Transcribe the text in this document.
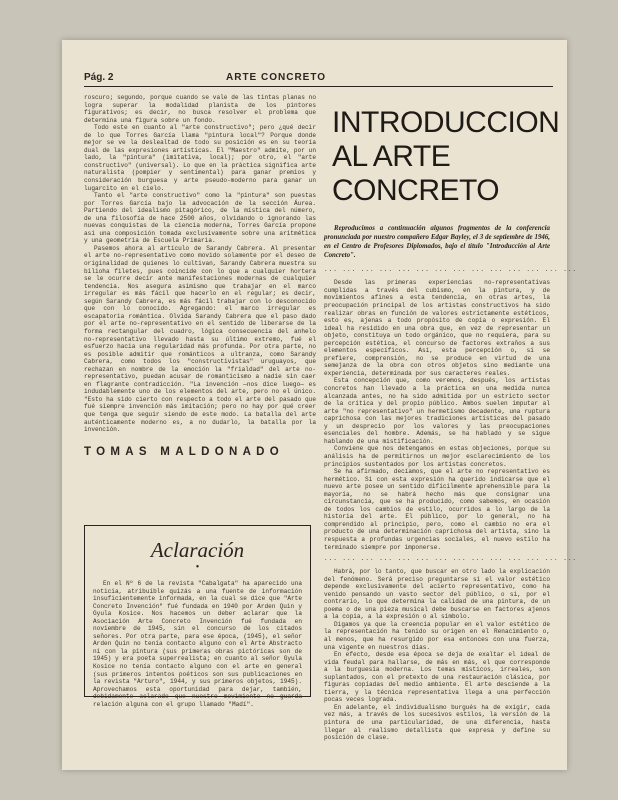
Pág. 2	ARTE CONCRETO

roscuro; segundo, porque cuando se vale de las tintas planas no logra superar la modalidad planista de los pintores figurativos; es decir, no busca resolver el problema que determina una figura sobre un fondo.

Todo este en cuanto al "arte constructivo"; pero ¿qué decir de lo que Torres García llama "pintura local"? Porque donde mejor se ve la deslealtad de todo su posición es en su teoría dual de las expresiones artísticas. El "Maestro" admite, por un lado, la "pintura" (imitativa, local); por otro, el "arte constructivo" (universal). Lo que en la práctica significa arte naturalista (pompier y sentimental) para ganar premios y consideración burguesa y arte pseudo-moderno para ganar un lugarcito en el cielo.

Tanto el "arte constructivo" como la "pintura" son puestas por Torres García bajo la advocación de la sección Áurea. Partiendo del idealismo pitagórico, de la mística del número, de una filosofía de hace 2500 años, olvidando o ignorando las nuevas conquistas de la ciencia moderna, Torres García propone así una composición tomada exclusivamente sobre una aritmética y una geometría de Escuela Primaria.

Pasemos ahora al artículo de Sarandy Cabrera. Al presentar el arte no-representativo como movido solamente por el deseo de originalidad de quienes lo cultivan, Sarandy Cabrera muestra su bilioha filetes, pues coincide con lo que a cualquier hortera se le ocurre decir ante manifestaciones modernas de cualquier tendencia. Nos asegura asimismo que trabajar en el marco irregular es más fácil que hacerlo en el regular; es decir, según Sarandy Cabrera, es más fácil trabajar con lo desconocido que con lo conocido. Agregando: el marco irregular es escapatoria romántica. Olvida Sarandy Cabrera que el paso dado por el arte no-representativo en el sentido de liberarse de la forma rectangular del cuadro, lógica consecuencia del anhelo no-representativo llevado hasta su último extremo, fué el esfuerzo hacia una regularidad más profunda. Por otra parte, no es posible admitir que románticos a ultranza, como Sarandy Cabrera, como todos los "constructivistas" uruguayos, que rechazan en nombre de la emoción la "frialdad" del arte no-representativo, puedan acusar de romanticismo a nadie sin caer en flagrante contradicción. "La invención —nos dice luego— es indudablemente uno de los elementos del arte, pero no el único. "Esto ha sido cierto con respecto a todo el arte del pasado que fué siempre invención más imitación; pero no hay por qué creer que tenga que seguir siendo de este modo. La batalla del arte auténticamente moderno es, a no dudarlo, la batalla por la invención.

TOMAS MALDONADO
Aclaración
•

En el Nº 6 de la revista "Cabalgata" ha aparecido una noticia, atribuible quizás a una fuente de información insuficientemente informada, en la cual se dice que "Arte Concreto Invención" fué fundada en 1940 por Arden Quin y Gyula Kosice. Nos hacemos un deber aclarar que la Asociación Arte Concreto Invención fué fundada en noviembre de 1945, sin el concurso de los citados señores. Por otra parte, para ese época, (1945), el señor Arden Quin no tenía contacto alguno con el Arte Abstracto ni con la pintura (sus primeras obras pictóricas son de 1945) y era poeta superrealista; en cuanto al señor Gyula Kosice no tenía contacto alguno con el arte en general (sus primeros intentos poéticos son sus publicaciones en la revista "Arturo", 1944, y sus primeros objetos, 1945). Aprovechamos esta oportunidad para dejar, también, debidamente aclarado que nuestro movimiento no guarda relación alguna con el grupo llamado "Madí".

INTRODUCCION
AL ARTE
CONCRETO
Reproducimos a continuación algunos fragmentos de la conferencia pronunciada por nuestro compañero Edgar Bayley, el 3 de septiembre de 1946, en el Centro de Profesores Diplomados, bajo el título "Introducción al Arte Concreto".
... ... ... ... ... ... ... ... ... ... ... ... ... ...

Desde las primeras experiencias no-representativas cumplidas a través del cubismo, en la pintura, y de movimientos afines a esta tendencia, en otras artes, la preocupación principal de los artistas constructivos ha sido realizar obras en función de valores estrictamente estéticos, esto es, ajenas a todo propósito de copia o expresión. El ideal ha residido en una obra que, en vez de representar un objeto, constituya un todo orgánico, que no requiera, para su percepción estética, el concurso de factores extraños a sus elementos específicos. Así, esta percepción o, si se prefiere, comprensión, no se produce en virtud de una semejanza de la obra con otros objetos sino mediante una experiencia, determinada por sus caracteres reales.

Esta concepción que, como veremos, después, los artistas concretos han llevado a la práctica en una medida nunca alcanzada antes, no ha sido admitida por un estricto sector de la crítica y del propio público. Ambos suelen imputar al arte "no representativo" un hermetismo decadente, una ruptura caprichosa con las mejores tradiciones artísticas del pasado y un desprecio por los valores y las preocupaciones esenciales del hombre. Además, se ha hablado y se sigue hablando de una mistificación.

Conviene que nos detengamos en estas objeciones, porque su análisis ha de permitirnos un mejor esclarecimiento de los principios sustentados por los artistas concretos.

Se ha afirmado, decíamos, que el arte no representativo es hermético. Si con esta expresión ha querido indicarse que el nuevo arte posee un sentido difícilmente aprehensible para la mayoría, no se habrá hecho más que consignar una circunstancia, que se ha producido, como sabemos, en ocasión de todos los cambios de estilo, ocurridos a lo largo de la historia del arte. El público, por lo general, no ha comprendido al principio, pero, como el cambio no era el producto de una determinación caprichosa del artista, sino la respuesta a profundas urgencias sociales, el nuevo estilo ha terminado siempre por imponerse.

... ... ... ... ... ... ... ... ... ... ... ... ... ...

Habrá, por lo tanto, que buscar en otro lado la explicación del fenómeno. Será preciso preguntarse si el valor estético depende exclusivamente del acierto representativo, como ha venido pensando un vasto sector del público, o si, por el contrario, lo que determina la calidad de una pintura, de un poema o de una pieza musical debe buscarse en factores ajenos a la copia, a la expresión o al símbolo.

Digamos ya que la creencia popular en el valor estético de la representación ha tenido su origen en el Renacimiento o, al menos, que ha resurgido por esa entonces con una fuerza, una vigente en nuestros días.

En efecto, desde esa época se deja de exaltar el ideal de vida feudal para hallarse, de más en más, el que corresponde a la burguesía moderna. Los temas místicos, irreales, son suplantados, con el pretexto de una restauración clásica, por figuras copiadas del medio ambiente. El arte desciende a la tierra, y la técnica representativa llega a una perfección pocas veces lograda.

En adelante, el individualismo burgués ha de exigir, cada vez más, a través de los sucesivos estilos, la versión de la pintura de una particularidad, de una diferencia, hasta llegar al realismo detallista que expresa y define su posición de clase.
